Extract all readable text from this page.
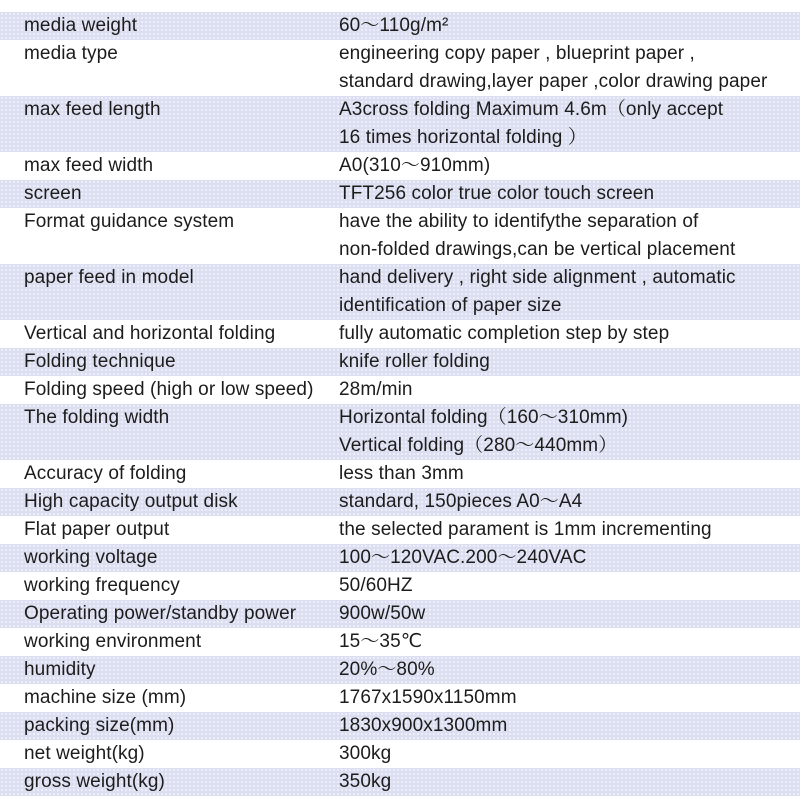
media weight	60～110g/m²
media type	engineering copy paper , blueprint paper ,
standard drawing,layer paper ,color drawing paper
max feed length	A3cross folding Maximum 4.6m（only accept
16 times horizontal folding ）
max feed width	A0(310～910mm)
screen	TFT256 color true color touch screen
Format guidance system	have the ability to identifythe separation of
non-folded drawings,can be vertical placement
paper feed in model	hand delivery , right side alignment , automatic
identification of paper size
Vertical and horizontal folding	fully automatic completion step by step
Folding technique	knife roller folding
Folding speed (high or low speed) 28m/min
The folding width	Horizontal folding（160～310mm)
Vertical folding（280～440mm）
Accuracy of folding	less than 3mm
High capacity output disk	standard, 150pieces A0～A4
Flat paper output	the selected parament is 1mm incrementing
working voltage	100～120VAC.200～240VAC
working frequency	50/60HZ
Operating power/standby power 900w/50w
working environment	15～35℃
humidity	20%～80%
machine size (mm)	1767x1590x1150mm
packing size(mm)	1830x900x1300mm
net weight(kg)	300kg
gross weight(kg)	350kg
